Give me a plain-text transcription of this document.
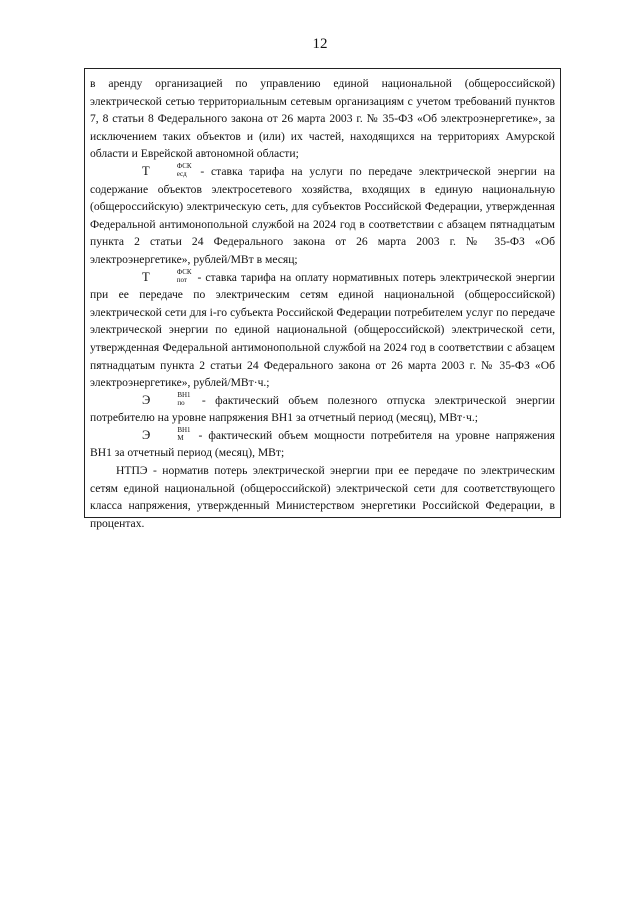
12

в аренду организацией по управлению единой национальной (общероссийской) электрической сетью территориальным сетевым организациям с учетом требований пунктов 7, 8 статьи 8 Федерального закона от 26 марта 2003 г. № 35-ФЗ «Об электроэнергетике», за исключением таких объектов и (или) их частей, находящихся на территориях Амурской области и Еврейской автономной области;

Т	ФСК
есд - ставка тарифа на услуги по передаче электрической энергии на содержание объектов электросетевого хозяйства, входящих в единую национальную (общероссийскую) электрическую сеть, для субъектов Российской Федерации, утвержденная Федеральной антимонопольной службой на 2024 год в соответствии с абзацем пятнадцатым пункта 2 статьи 24 Федерального закона от 26 марта 2003 г. № 35-ФЗ «Об электроэнергетике», рублей/МВт в месяц;

Т	ФСК
пот - ставка тарифа на оплату нормативных потерь электрической энергии при ее передаче по электрическим сетям единой национальной (общероссийской) электрической сети для i-го субъекта Российской Федерации потребителем услуг по передаче электрической энергии по единой национальной (общероссийской) электрической сети, утвержденная Федеральной антимонопольной службой на 2024 год в соответствии с абзацем пятнадцатым пункта 2 статьи 24 Федерального закона от 26 марта 2003 г. № 35-ФЗ «Об электроэнергетике», рублей/МВт·ч.;

Э	ВН1
по - фактический объем полезного отпуска электрической энергии потребителю на уровне напряжения ВН1 за отчетный период (месяц), МВт·ч.;

Э	ВН1
М - фактический объем мощности потребителя на уровне напряжения ВН1 за отчетный период (месяц), МВт;

НТПЭ - норматив потерь электрической энергии при ее передаче по электрическим сетям единой национальной (общероссийской) электрической сети для соответствующего класса напряжения, утвержденный Министерством энергетики Российской Федерации, в процентах.
